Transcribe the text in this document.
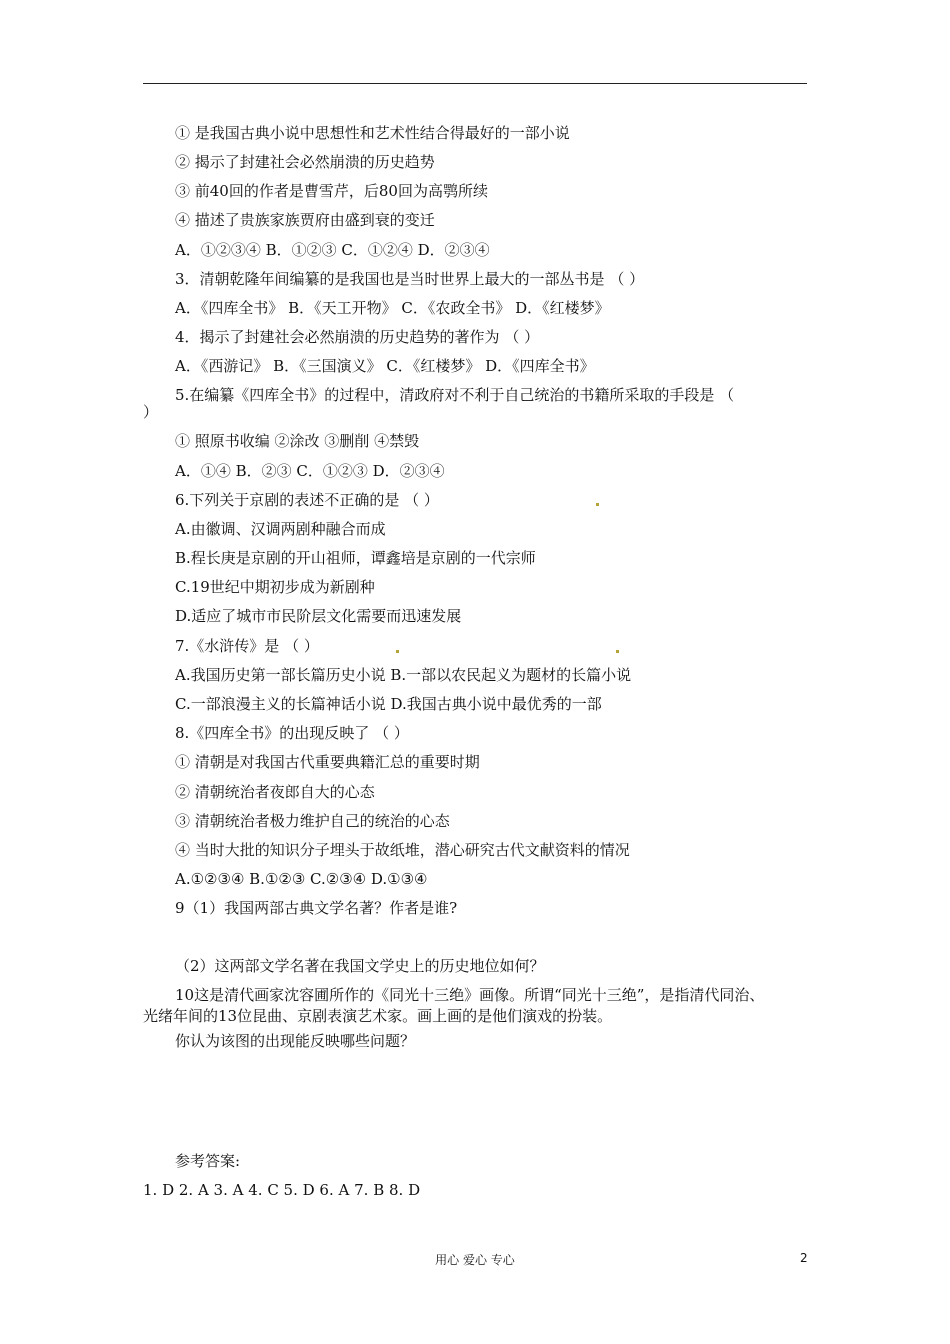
① 是我国古典小说中思想性和艺术性结合得最好的一部小说
② 揭示了封建社会必然崩溃的历史趋势
③ 前40回的作者是曹雪芹，后80回为高鹗所续
④ 描述了贵族家族贾府由盛到衰的变迁
A．①②③④ B．①②③ C．①②④ D．②③④
3．清朝乾隆年间编纂的是我国也是当时世界上最大的一部丛书是 （ ）
A．《四库全书》 B．《天工开物》 C．《农政全书》 D．《红楼梦》
4．揭示了封建社会必然崩溃的历史趋势的著作为 （ ）
A．《西游记》 B．《三国演义》 C．《红楼梦》 D．《四库全书》
5.在编纂《四库全书》的过程中，清政府对不利于自己统治的书籍所采取的手段是 （
）
① 照原书收编 ②涂改 ③删削 ④禁毁
A．①④ B．②③ C．①②③ D．②③④
6.下列关于京剧的表述不正确的是 （ ）
A.由徽调、汉调两剧种融合而成
B.程长庚是京剧的开山祖师，谭鑫培是京剧的一代宗师
C.19世纪中期初步成为新剧种
D.适应了城市市民阶层文化需要而迅速发展
7.《水浒传》是 （ ）
A.我国历史第一部长篇历史小说 B.一部以农民起义为题材的长篇小说
C.一部浪漫主义的长篇神话小说 D.我国古典小说中最优秀的一部
8.《四库全书》的出现反映了 （ ）
① 清朝是对我国古代重要典籍汇总的重要时期
② 清朝统治者夜郎自大的心态
③ 清朝统治者极力维护自己的统治的心态
④ 当时大批的知识分子埋头于故纸堆，潜心研究古代文献资料的情况
A.①②③④ B.①②③ C.②③④ D.①③④
9（1）我国两部古典文学名著？作者是谁?
（2）这两部文学名著在我国文学史上的历史地位如何？
10这是清代画家沈容圃所作的《同光十三绝》画像。所谓“同光十三绝”，是指清代同治、
光绪年间的13位昆曲、京剧表演艺术家。画上画的是他们演戏的扮装。
你认为该图的出现能反映哪些问题？
参考答案:
1. D 2. A 3. A 4. C 5. D 6. A 7. B 8. D
用心 爱心 专心	2
